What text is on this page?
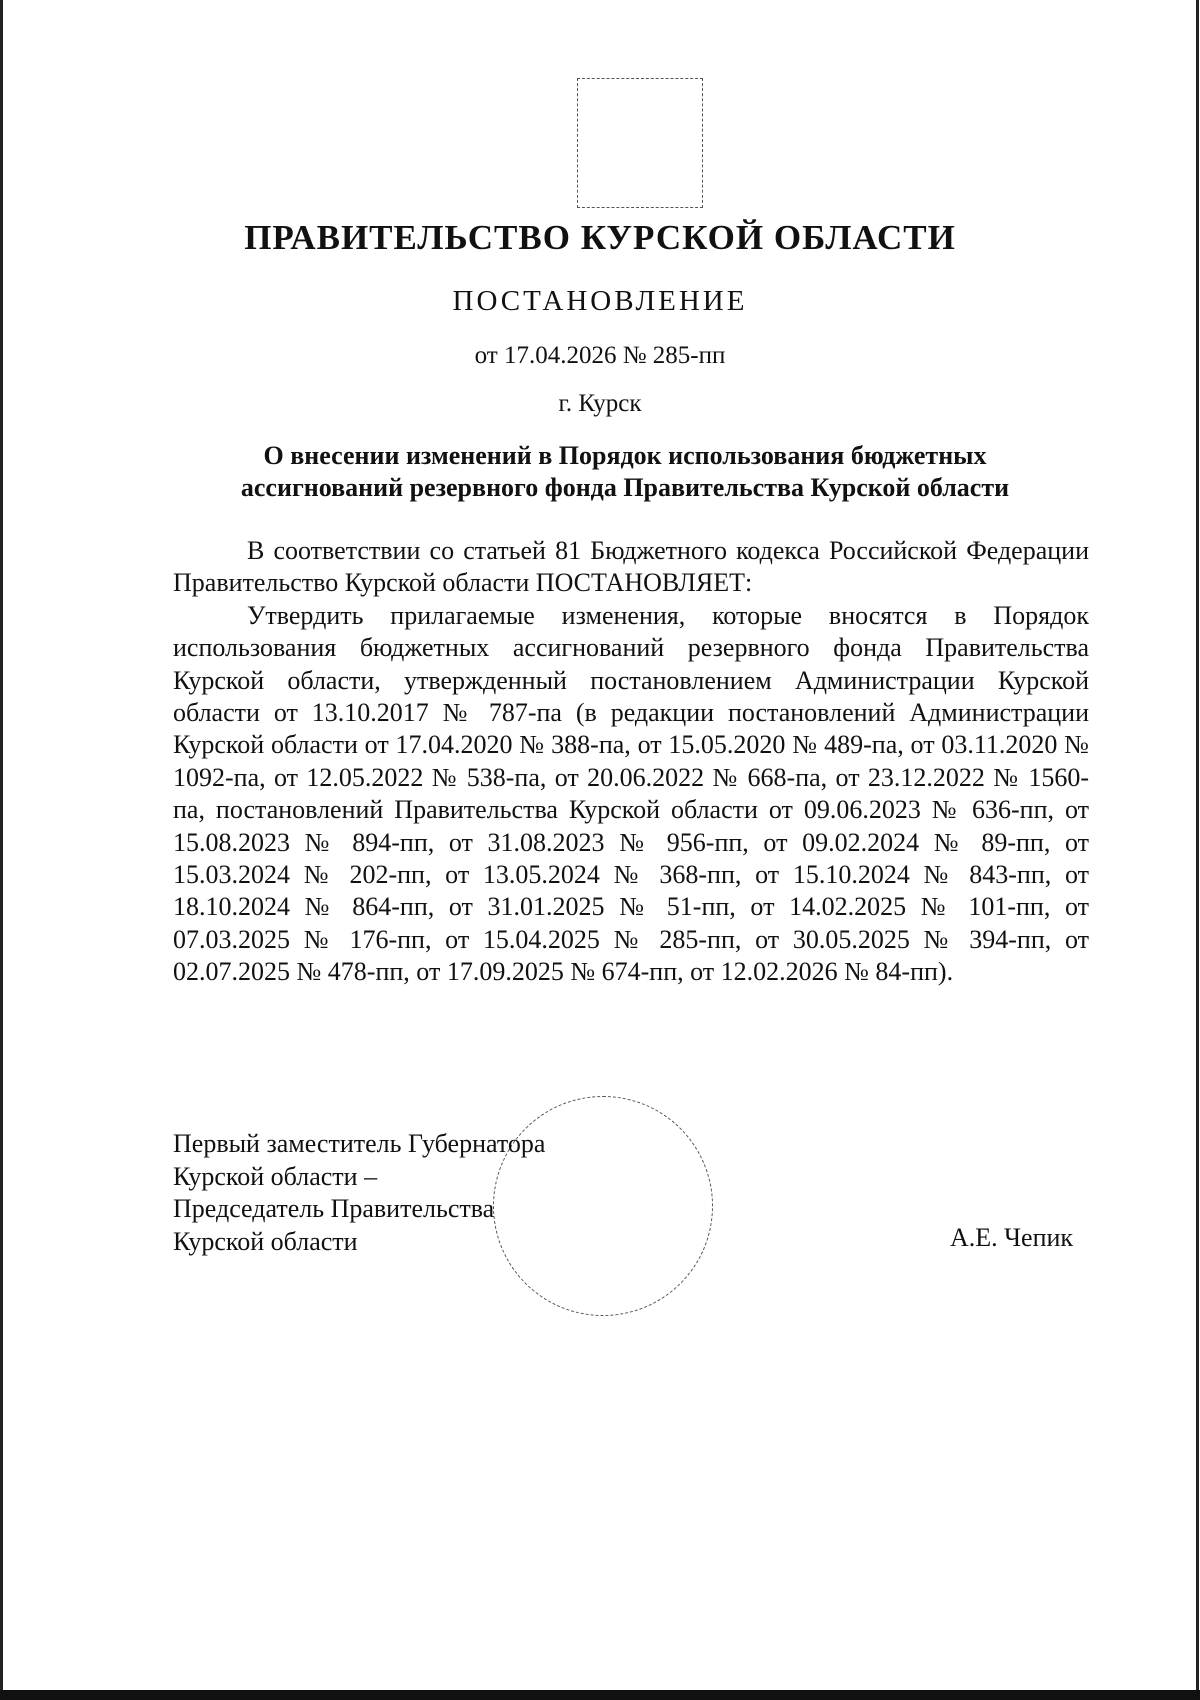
ПРАВИТЕЛЬСТВО КУРСКОЙ ОБЛАСТИ
ПОСТАНОВЛЕНИЕ
от 17.04.2026 № 285-пп
г. Курск
О внесении изменений в Порядок использования бюджетных
ассигнований резервного фонда Правительства Курской области

В соответствии со статьей 81 Бюджетного кодекса Российской Федерации Правительство Курской области ПОСТАНОВЛЯЕТ:

Утвердить прилагаемые изменения, которые вносятся в Порядок использования бюджетных ассигнований резервного фонда Правительства Курской области, утвержденный постановлением Администрации Курской области от 13.10.2017 № 787-па (в редакции постановлений Администрации Курской области от 17.04.2020 № 388-па, от 15.05.2020 № 489-па, от 03.11.2020 № 1092-па, от 12.05.2022 № 538-па, от 20.06.2022 № 668-па, от 23.12.2022 № 1560-па, постановлений Правительства Курской области от 09.06.2023 № 636-пп, от 15.08.2023 № 894-пп, от 31.08.2023 № 956-пп, от 09.02.2024 № 89-пп, от 15.03.2024 № 202-пп, от 13.05.2024 № 368-пп, от 15.10.2024 № 843-пп, от 18.10.2024 № 864-пп, от 31.01.2025 № 51-пп, от 14.02.2025 № 101-пп, от 07.03.2025 № 176-пп, от 15.04.2025 № 285-пп, от 30.05.2025 № 394-пп, от 02.07.2025 № 478-пп, от 17.09.2025 № 674-пп, от 12.02.2026 № 84-пп).

Первый заместитель Губернатора
Курской области –
Председатель Правительства
Курской области	А.Е. Чепик
